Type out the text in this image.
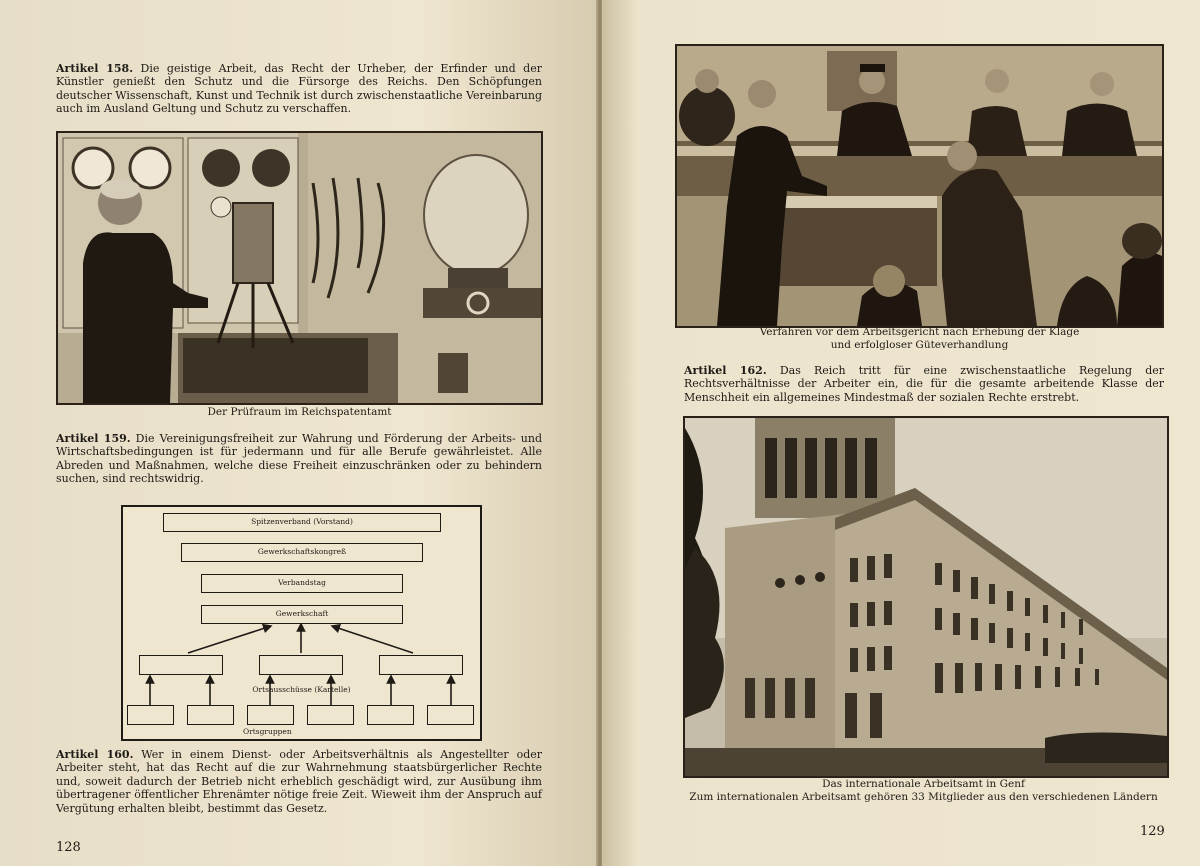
Artikel 158. Die geistige Arbeit, das Recht der Urheber, der Erfinder und der Künstler genießt den Schutz und die Fürsorge des Reichs. Den Schöpfungen deutscher Wissenschaft, Kunst und Technik ist durch zwischenstaatliche Vereinbarung auch im Ausland Geltung und Schutz zu verschaffen.

Der Prüfraum im Reichspatentamt

Artikel 159. Die Vereinigungsfreiheit zur Wahrung und Förderung der Arbeits- und Wirtschaftsbedingungen ist für jedermann und für alle Berufe gewährleistet. Alle Abreden und Maßnahmen, welche diese Freiheit einzuschränken oder zu behindern suchen, sind rechtswidrig.

Spitzenverband (Vorstand)
Gewerkschaftskongreß
Verbandstag
Gewerkschaft
Ortsausschüsse (Kartelle)
Ortsgruppen

Artikel 160. Wer in einem Dienst- oder Arbeitsverhältnis als Angestellter oder Arbeiter steht, hat das Recht auf die zur Wahrnehmung staatsbürgerlicher Rechte und, soweit dadurch der Betrieb nicht erheblich geschädigt wird, zur Ausübung ihm übertragener öffentlicher Ehrenämter nötige freie Zeit. Wieweit ihm der Anspruch auf Vergütung erhalten bleibt, bestimmt das Gesetz.

128

Verfahren vor dem Arbeitsgericht nach Erhebung der Klage
und erfolgloser Güteverhandlung

Artikel 162. Das Reich tritt für eine zwischenstaatliche Regelung der Rechtsverhältnisse der Arbeiter ein, die für die gesamte arbeitende Klasse der Menschheit ein allgemeines Mindestmaß der sozialen Rechte erstrebt.

Das internationale Arbeitsamt in Genf
Zum internationalen Arbeitsamt gehören 33 Mitglieder aus den verschiedenen Ländern

129
